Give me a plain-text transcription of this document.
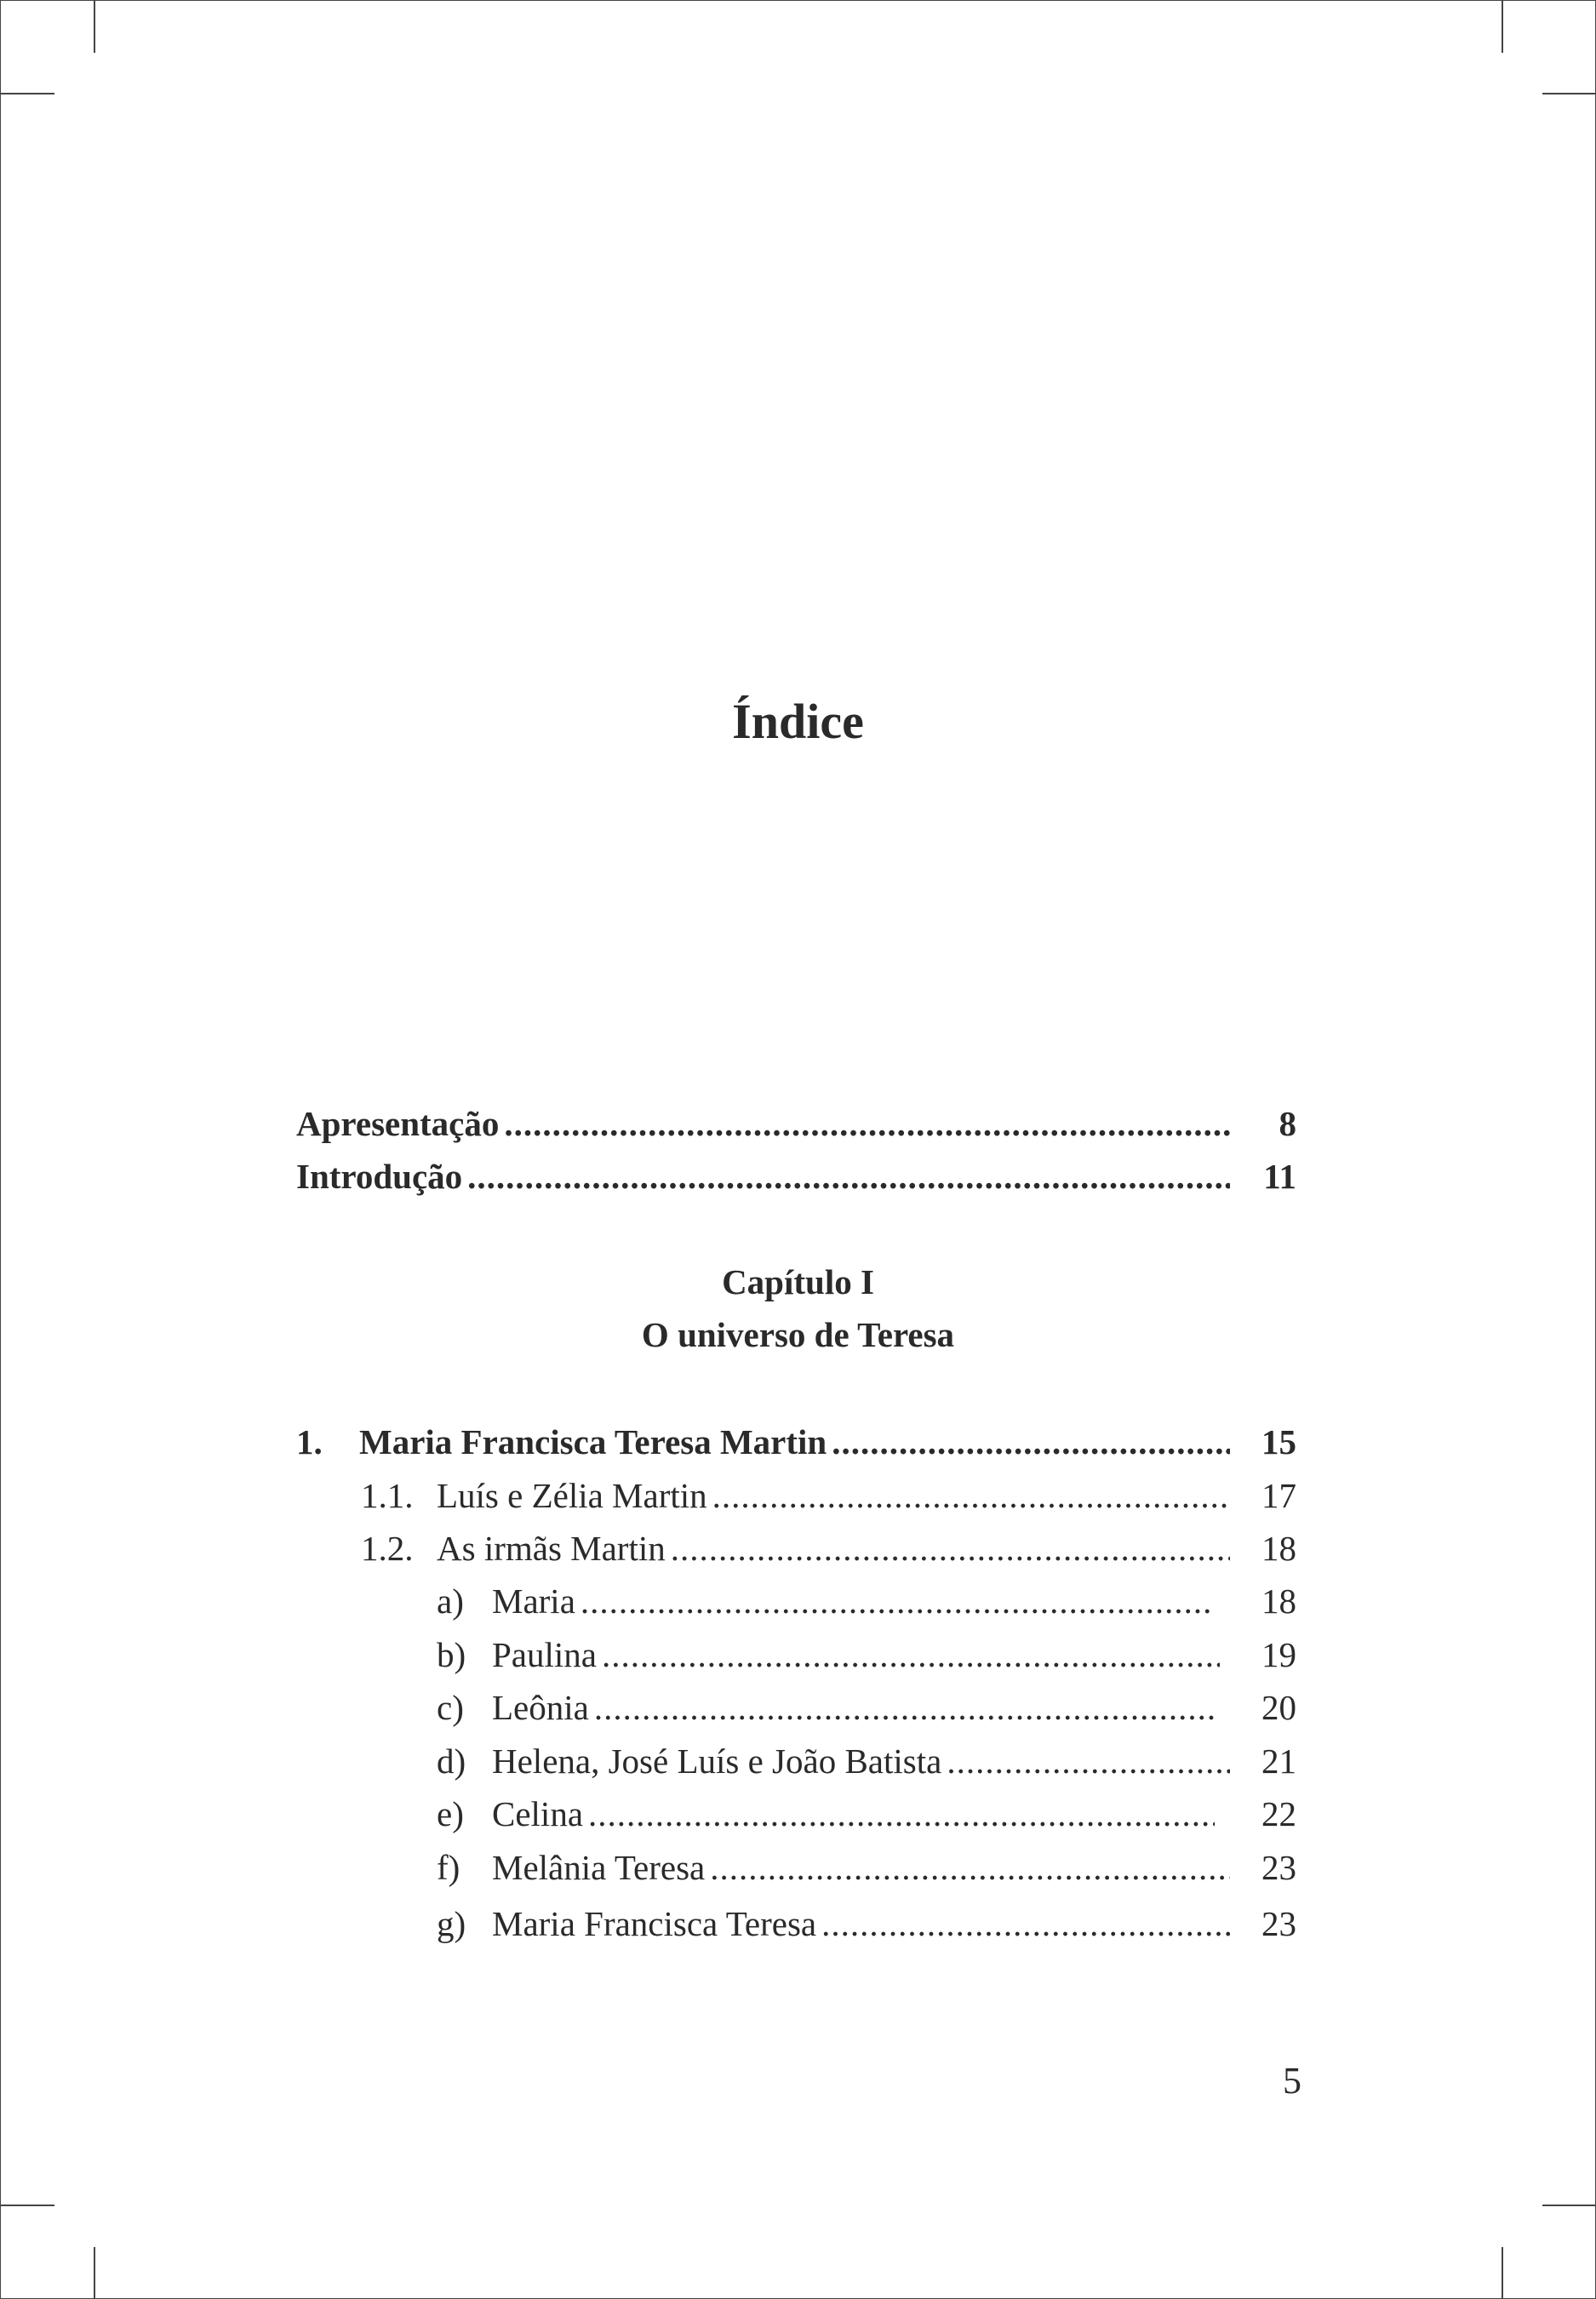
Índice
Apresentação .....	8
Introdução .....	11
Capítulo I
O universo de Teresa
1. Maria Francisca Teresa Martin .....	15
1.1. Luís e Zélia Martin .....	17
1.2. As irmãs Martin .....	18
a) Maria .....	18
b) Paulina .....	19
c) Leônia .....	20
d) Helena, José Luís e João Batista .....	21
e) Celina .....	22
f) Melânia Teresa .....	23
g) Maria Francisca Teresa .....	23
5
